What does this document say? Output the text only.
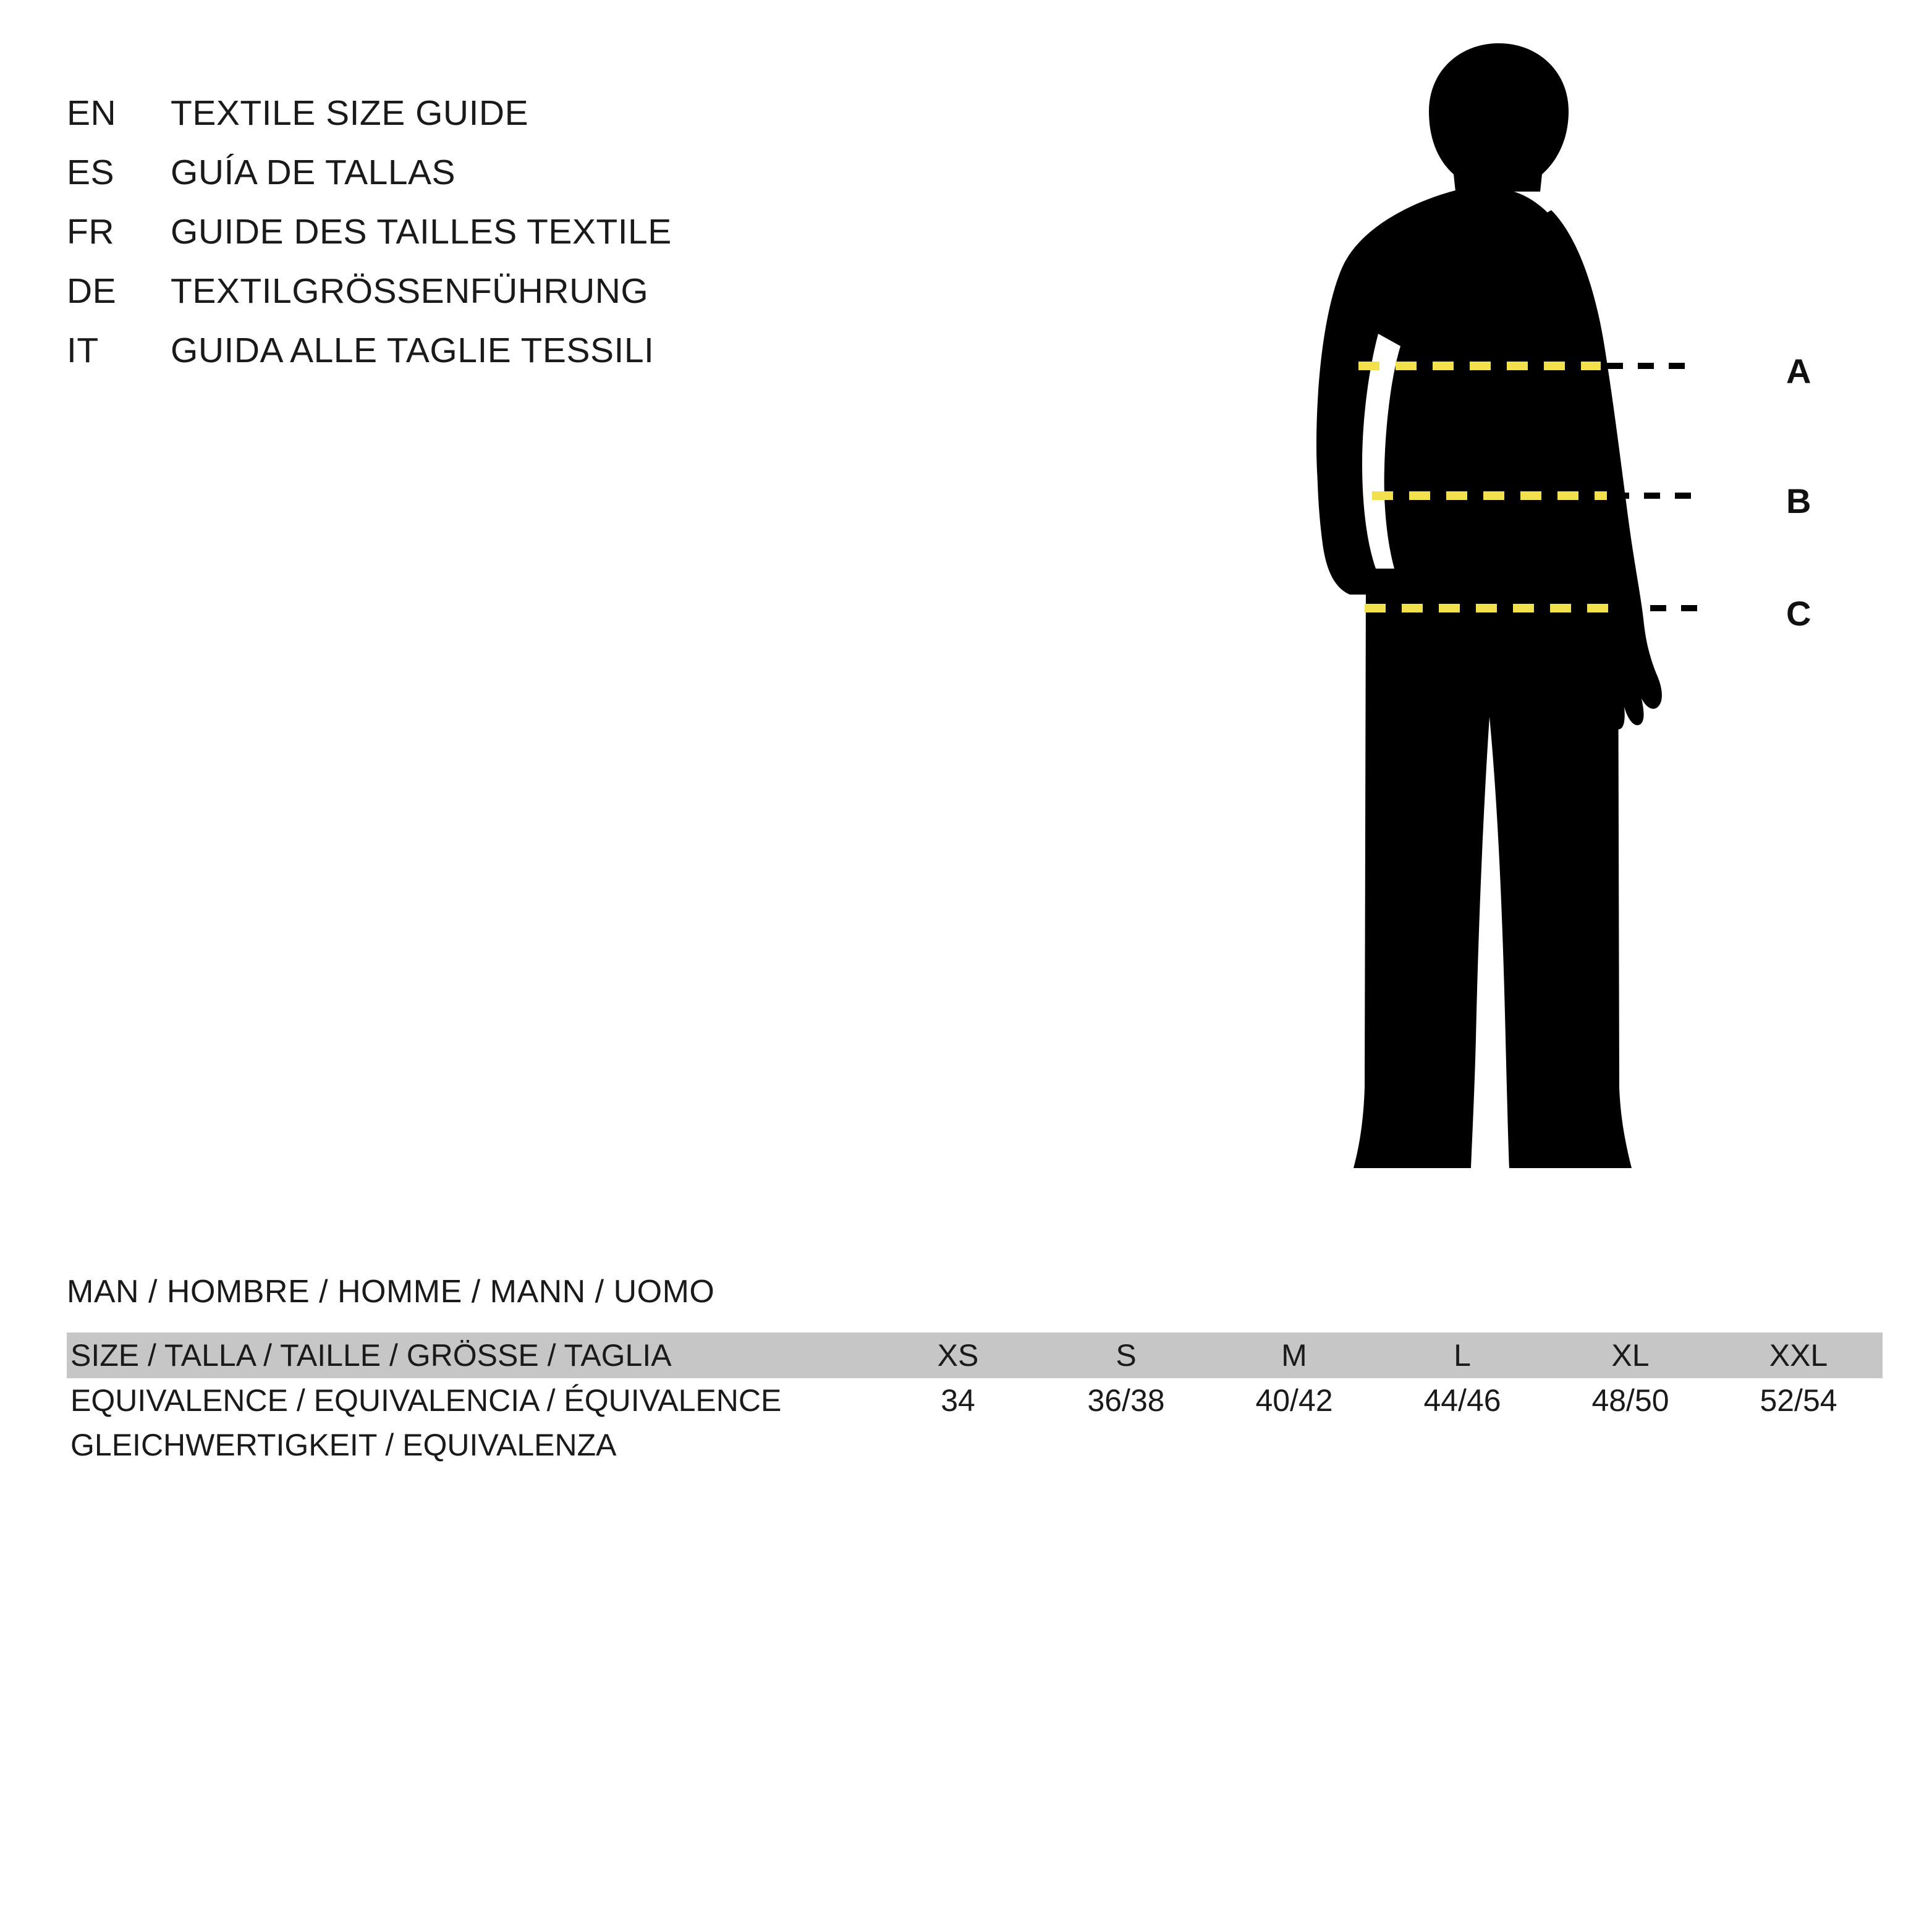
EN	TEXTILE SIZE GUIDE
ES	GUÍA DE TALLAS
FR	GUIDE DES TAILLES TEXTILE
DE	TEXTILGRÖSSENFÜHRUNG
IT	GUIDA ALLE TAGLIE TESSILI
A
B
C
MAN / HOMBRE / HOMME / MANN / UOMO
SIZE / TALLA / TAILLE / GRÖSSE / TAGLIA	XS	S	M	L	XL	XXL
EQUIVALENCE / EQUIVALENCIA / ÉQUIVALENCE	34	36/38	40/42	44/46	48/50	52/54
GLEICHWERTIGKEIT / EQUIVALENZA
